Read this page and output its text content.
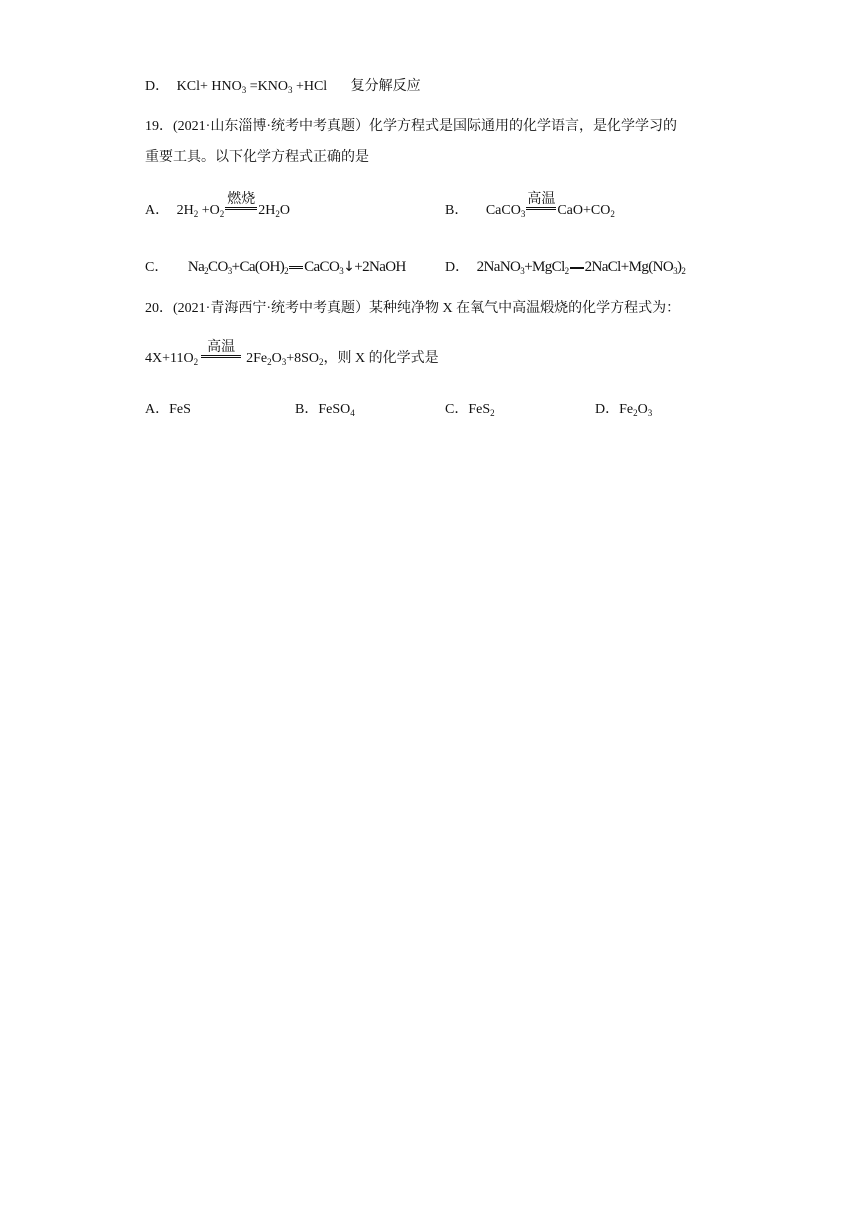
D． $KCl+ HNO_3 =KNO_3 +HCl$ 复分解反应
19．(2021·山东淄博·统考中考真题）化学方程式是国际通用的化学语言，是化学学习的
重要工具。以下化学方程式正确的是
A． $2H_2 +O_2$
燃烧
$2H_2O$	B． CaCO$_3$
高温
$CaO+CO_2$
C． $Na_2CO_3+Ca(OH)_2$ CaCO$_3$↓+2NaOH	D． 2NaNO$_3$+MgCl$_2$ $2NaCl+Mg(NO_3)_2$
20．(2021·青海西宁·统考中考真题）某种纯净物 X 在氧气中高温煅烧的化学方程式为：
$4X+11O_2$
高温
$2Fe_2O_3+8SO_2$，则 X 的化学式是
A．FeS	B．FeSO$_4$	C．FeS$_2$	D．$Fe_2O_3$
